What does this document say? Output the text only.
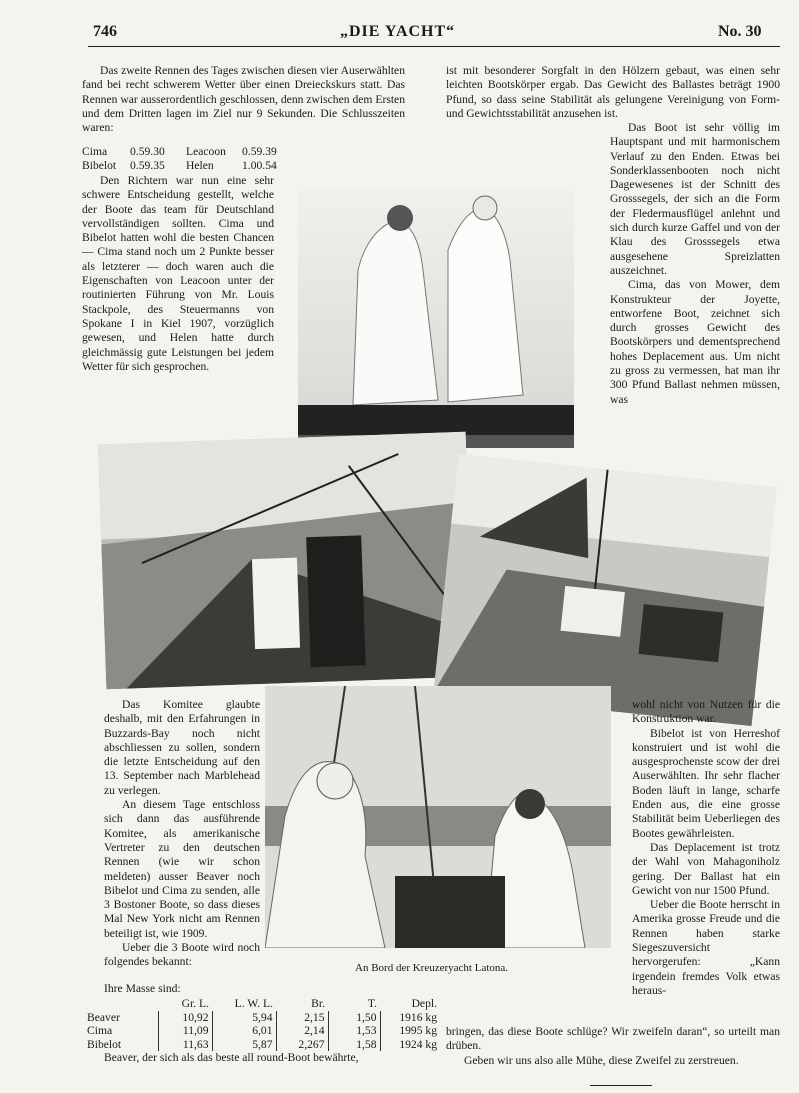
746	„DIE YACHT“	No. 30

Das zweite Rennen des Tages zwischen diesen vier Auserwählten fand bei recht schwerem Wetter über einen Dreieckskurs statt. Das Rennen war ausserordentlich geschlossen, denn zwischen dem Ersten und dem Dritten lagen im Ziel nur 9 Sekunden. Die Schlusszeiten waren:

Cima	0.59.30	Leacoon	0.59.39
Bibelot	0.59.35	Helen	1.00.54

Den Richtern war nun eine sehr schwere Entscheidung gestellt, welche der Boote das team für Deutschland vervollständigen sollten. Cima und Bibelot hatten wohl die besten Chancen — Cima stand noch um 2 Punkte besser als letzterer — doch waren auch die Eigenschaften von Leacoon unter der routinierten Führung von Mr. Louis Stackpole, des Steuermanns von Spokane I in Kiel 1907, vorzüglich gewesen, und Helen hatte durch gleichmässig gute Leistungen bei jedem Wetter für sich gesprochen.

ist mit besonderer Sorgfalt in den Hölzern gebaut, was einen sehr leichten Bootskörper ergab. Das Gewicht des Ballastes beträgt 1900 Pfund, so dass seine Stabilität als gelungene Vereinigung von Form- und Gewichtsstabilität anzusehen ist.

Das Boot ist sehr völlig im Hauptspant und mit harmonischem Verlauf zu den Enden. Etwas bei Sonderklassenbooten noch nicht Dagewesenes ist der Schnitt des Grosssegels, der sich an die Form der Fledermausflügel anlehnt und sich durch kurze Gaffel und von der Klau des Grosssegels etwa ausgesehene Spreizlatten auszeichnet.

Cima, das von Mower, dem Konstrukteur der Joyette, entworfene Boot, zeichnet sich durch grosses Gewicht des Bootskörpers und dementsprechend hohes Deplacement aus. Um nicht zu gross zu vermessen, hat man ihr 300 Pfund Ballast nehmen müssen, was

An Bord der Kreuzeryacht Latona.

Das Komitee glaubte deshalb, mit den Erfahrungen in Buzzards-Bay noch nicht abschliessen zu sollen, sondern die letzte Entscheidung auf den 13. September nach Marblehead zu verlegen.

An diesem Tage entschloss sich dann das ausführende Komitee, als amerikanische Vertreter zu den deutschen Rennen (wie wir schon meldeten) ausser Beaver noch Bibelot und Cima zu senden, alle 3 Bostoner Boote, so dass dieses Mal New York nicht am Rennen beteiligt ist, wie 1909.

Ueber die 3 Boote wird noch folgendes bekannt:

Ihre Masse sind:

wohl nicht von Nutzen für die Konstruktion war.

Bibelot ist von Herreshof konstruiert und ist wohl die ausgesprochenste scow der drei Auserwählten. Ihr sehr flacher Boden läuft in lange, scharfe Enden aus, die eine grosse Stabilität beim Ueberliegen des Bootes gewährleisten.

Das Deplacement ist trotz der Wahl von Mahagoniholz gering. Der Ballast hat ein Gewicht von nur 1500 Pfund.

Ueber die Boote herrscht in Amerika grosse Freude und die Rennen haben starke Siegeszuversicht hervorgerufen: „Kann irgendein fremdes Volk etwas heraus-

bringen, das diese Boote schlüge? Wir zweifeln daran“, so urteilt man drüben.

Geben wir uns also alle Mühe, diese Zweifel zu zerstreuen.

	Gr. L.	L. W. L.	Br.	T.	Depl.
Beaver	10,92	5,94	2,15	1,50	1916 kg
Cima	11,09	6,01	2,14	1,53	1995 kg
Bibelot	11,63	5,87	2,267	1,58	1924 kg

Beaver, der sich als das beste all round-Boot bewährte,
